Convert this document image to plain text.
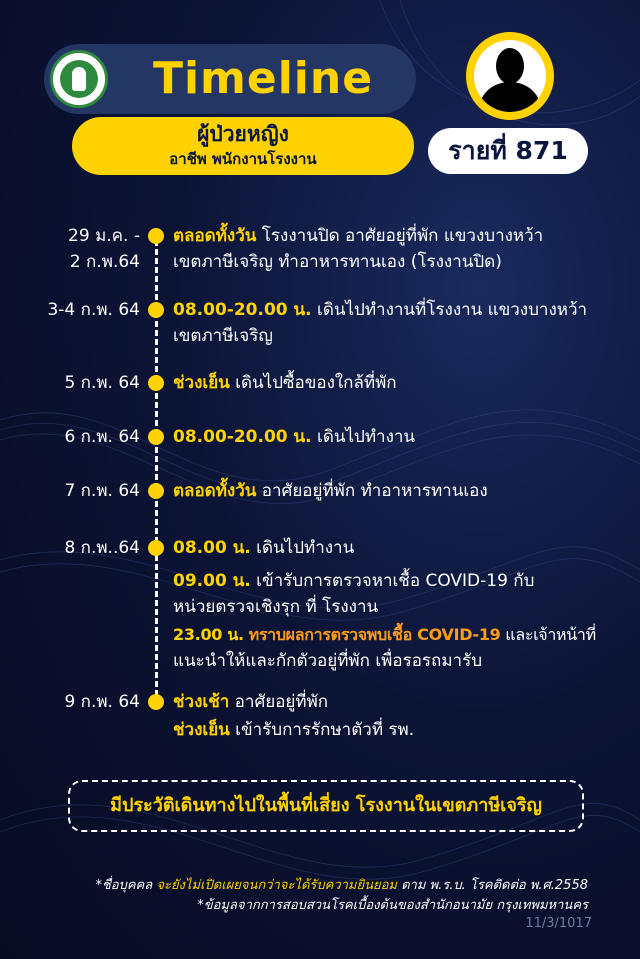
Timeline
ผู้ป่วยหญิง
อาชีพ พนักงานโรงงาน	รายที่ 871
29 ม.ค. -
2 ก.พ.64
ตลอดทั้งวัน โรงงานปิด อาศัยอยู่ที่พัก แขวงบางหว้า
เขตภาษีเจริญ ทำอาหารทานเอง (โรงงานปิด)
3-4 ก.พ. 64 08.00-20.00 น. เดินไปทำงานที่โรงงาน แขวงบางหว้า
เขตภาษีเจริญ
5 ก.พ. 64 ช่วงเย็น เดินไปซื้อของใกล้ที่พัก
6 ก.พ. 64 08.00-20.00 น. เดินไปทำงาน
7 ก.พ. 64 ตลอดทั้งวัน อาศัยอยู่ที่พัก ทำอาหารทานเอง
8 ก.พ..64 08.00 น. เดินไปทำงาน
09.00 น. เข้ารับการตรวจหาเชื้อ COVID-19 กับ
หน่วยตรวจเชิงรุก ที่ โรงงาน
23.00 น. ทราบผลการตรวจพบเชื้อ COVID-19 และเจ้าหน้าที่
แนะนำให้และกักตัวอยู่ที่พัก เพื่อรอรถมารับ
9 ก.พ. 64 ช่วงเช้า อาศัยอยู่ที่พัก
ช่วงเย็น เข้ารับการรักษาตัวที่ รพ.
มีประวัติเดินทางไปในพื้นที่เสี่ยง โรงงานในเขตภาษีเจริญ
*ชื่อบุคคล จะยังไม่เปิดเผยจนกว่าจะได้รับความยินยอม ตาม พ.ร.บ. โรคติดต่อ พ.ศ.2558
*ข้อมูลจากการสอบสวนโรคเบื้องต้นของสำนักอนามัย กรุงเทพมหานคร
11/3/1017
